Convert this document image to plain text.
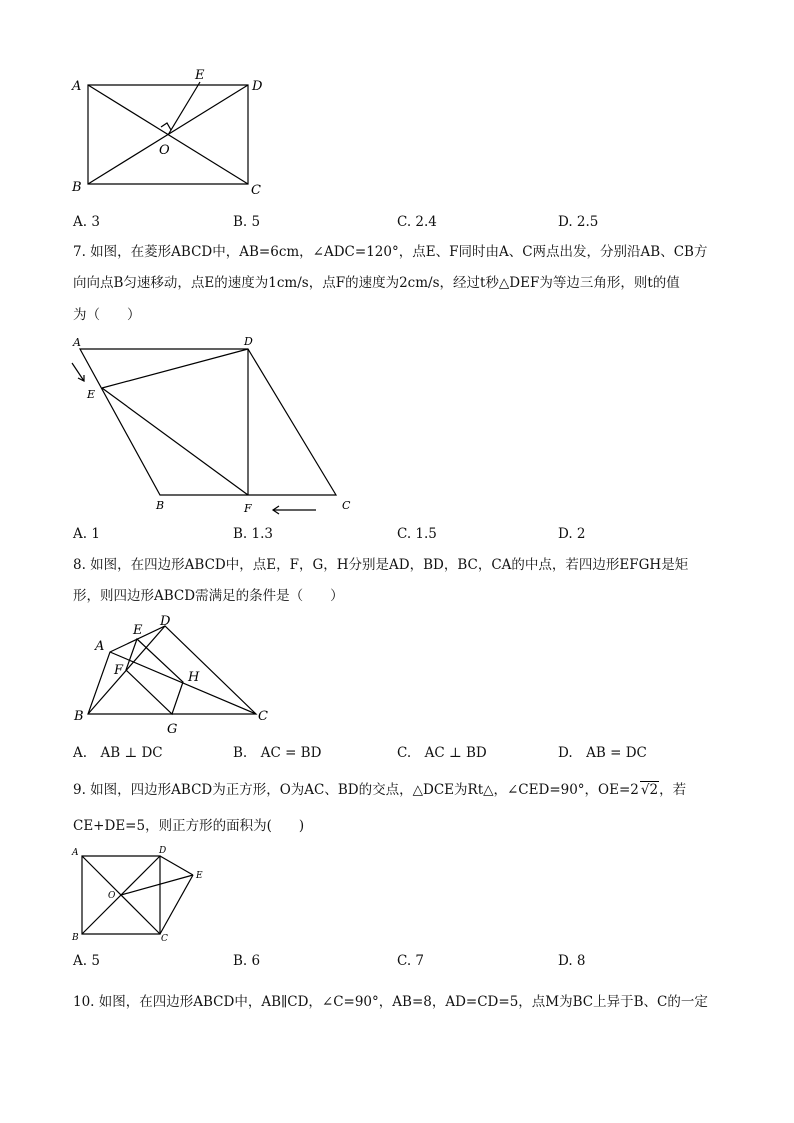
A	D
B	C
E
O
A. 3	B. 5	C. 2.4	D. 2.5
7. 如图，在菱形ABCD中，AB=6cm，∠ADC=120°，点E、F同时由A、C两点出发，分别沿AB、CB方
向向点B匀速移动，点E的速度为1cm/s，点F的速度为2cm/s，经过t秒△DEF为等边三角形，则t的值
为（　　）
A	D
E
B	F	C
A. 1	B. 1.3	C. 1.5	D. 2
8. 如图，在四边形ABCD中，点E，F，G，H分别是AD，BD，BC，CA的中点，若四边形EFGH是矩
形，则四边形ABCD需满足的条件是（　　）
A
E
D
F	H
B
G
C
A.　AB ⊥ DC	B.　AC = BD	C.　AC ⊥ BD	D.　AB = DC
9. 如图，四边形ABCD为正方形，O为AC、BD的交点，△DCE为Rt△，∠CED=90°，OE=2 √2，若
CE+DE=5，则正方形的面积为(　　)
A	D
O
E
B	C
A. 5	B. 6	C. 7	D. 8
10. 如图，在四边形ABCD中，AB∥CD，∠C=90°，AB=8，AD=CD=5，点M为BC上异于B、C的一定
